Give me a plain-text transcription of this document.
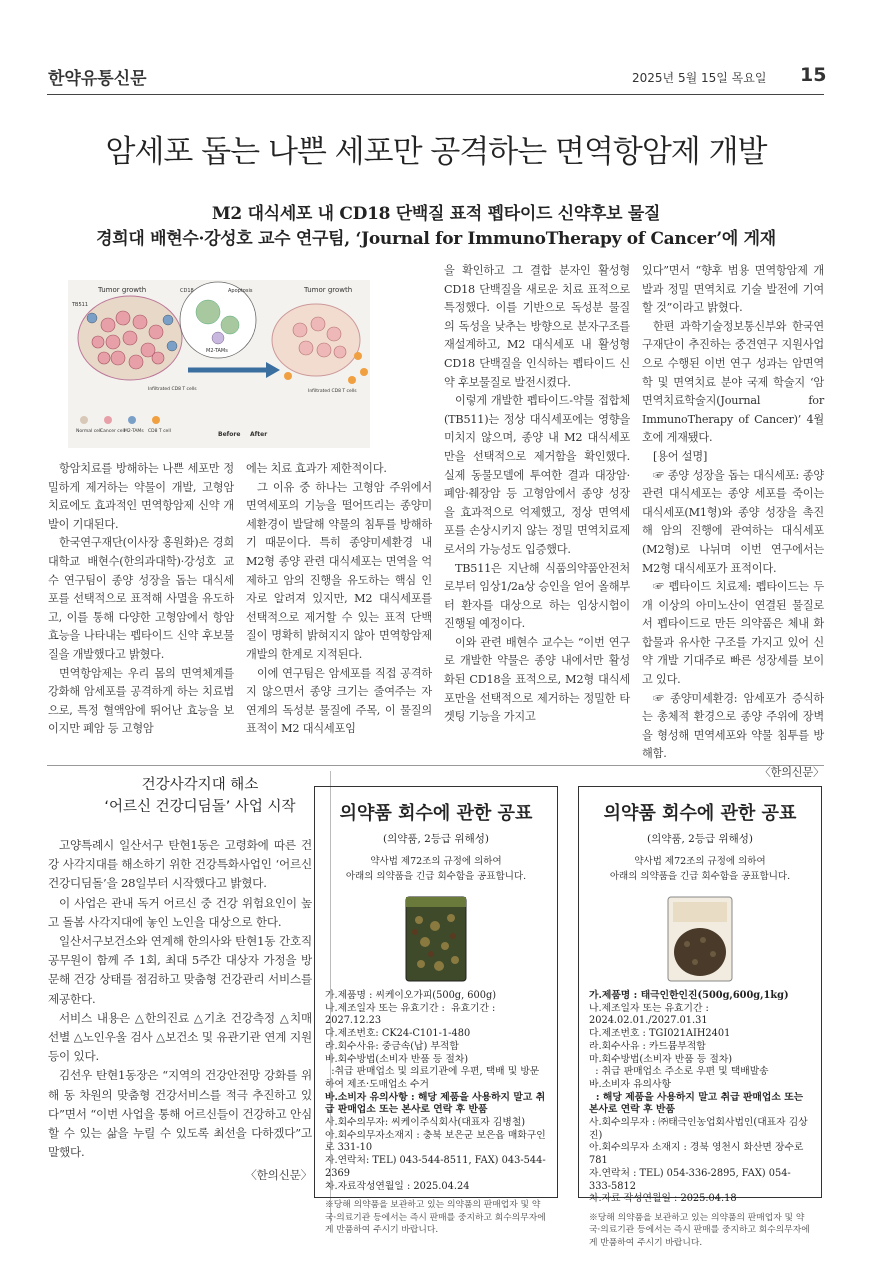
한약유통신문	2025년 5월 15일 목요일 15
암세포 돕는 나쁜 세포만 공격하는 면역항암제 개발
M2 대식세포 내 CD18 단백질 표적 펩타이드 신약후보 물질
경희대 배현수·강성호 교수 연구팀, ‘Journal for ImmunoTherapy of Cancer’에 게재
Tumor growth
TB511
CD18	Apoptosis
M2-TAMs
Tumor growth
Infiltrated CD8 T cells	Infiltrated CD8 T cells
Normal cell
Cancer cell
M2-TAMs CD8 T cell	Before After

항암치료를 방해하는 나쁜 세포만 정밀하게 제거하는 약물이 개발, 고형암 치료에도 효과적인 면역항암제 신약 개발이 기대된다.

한국연구재단(이사장 홍원화)은 경희대학교 배현수(한의과대학)·강성호 교수 연구팀이 종양 성장을 돕는 대식세포를 선택적으로 표적해 사멸을 유도하고, 이를 통해 다양한 고형암에서 항암 효능을 나타내는 펩타이드 신약 후보물질을 개발했다고 밝혔다.

면역항암제는 우리 몸의 면역체계를 강화해 암세포를 공격하게 하는 치료법으로, 특정 혈액암에 뛰어난 효능을 보이지만 폐암 등 고형암

에는 치료 효과가 제한적이다.

그 이유 중 하나는 고형암 주위에서 면역세포의 기능을 떨어뜨리는 종양미세환경이 발달해 약물의 침투를 방해하기 때문이다. 특히 종양미세환경 내 M2형 종양 관련 대식세포는 면역을 억제하고 암의 진행을 유도하는 핵심 인자로 알려져 있지만, M2 대식세포를 선택적으로 제거할 수 있는 표적 단백질이 명확히 밝혀지지 않아 면역항암제 개발의 한계로 지적된다.

이에 연구팀은 암세포를 직접 공격하지 않으면서 종양 크기는 줄여주는 자연계의 독성분 물질에 주목, 이 물질의 표적이 M2 대식세포임

을 확인하고 그 결합 분자인 활성형 CD18 단백질을 새로운 치료 표적으로 특정했다. 이를 기반으로 독성분 물질의 독성을 낮추는 방향으로 분자구조를 재설계하고, M2 대식세포 내 활성형 CD18 단백질을 인식하는 펩타이드 신약 후보물질로 발전시켰다.

이렇게 개발한 펩타이드-약물 접합체(TB511)는 정상 대식세포에는 영향을 미치지 않으며, 종양 내 M2 대식세포만을 선택적으로 제거함을 확인했다. 실제 동물모델에 투여한 결과 대장암·폐암·췌장암 등 고형암에서 종양 성장을 효과적으로 억제했고, 정상 면역세포를 손상시키지 않는 정밀 면역치료제로서의 가능성도 입증했다.

TB511은 지난해 식품의약품안전처로부터 임상1/2a상 승인을 얻어 올해부터 환자를 대상으로 하는 임상시험이 진행될 예정이다.

이와 관련 배현수 교수는 “이번 연구로 개발한 약물은 종양 내에서만 활성화된 CD18을 표적으로, M2형 대식세포만을 선택적으로 제거하는 정밀한 타겟팅 기능을 가지고

있다”면서 “향후 범용 면역항암제 개발과 정밀 면역치료 기술 발전에 기여할 것”이라고 밝혔다.

한편 과학기술정보통신부와 한국연구재단이 추진하는 중견연구 지원사업으로 수행된 이번 연구 성과는 암면역학 및 면역치료 분야 국제 학술지 ‘암면역치료학술지(Journal for ImmunoTherapy of Cancer)’ 4월호에 게재됐다.

[용어 설명]

☞ 종양 성장을 돕는 대식세포: 종양 관련 대식세포는 종양 세포를 죽이는 대식세포(M1형)와 종양 성장을 촉진해 암의 진행에 관여하는 대식세포(M2형)로 나뉘며 이번 연구에서는 M2형 대식세포가 표적이다.

☞ 펩타이드 치료제: 펩타이드는 두 개 이상의 아미노산이 연결된 물질로서 펩타이드로 만든 의약품은 체내 화합물과 유사한 구조를 가지고 있어 신약 개발 기대주로 빠른 성장세를 보이고 있다.

☞ 종양미세환경: 암세포가 증식하는 총체적 환경으로 종양 주위에 장벽을 형성해 면역세포와 약물 침투를 방해함.

〈한의신문〉
건강사각지대 해소
‘어르신 건강디딤돌’ 사업 시작

고양특례시 일산서구 탄현1동은 고령화에 따른 건강 사각지대를 해소하기 위한 건강특화사업인 ‘어르신 건강디딤돌’을 28일부터 시작했다고 밝혔다.

이 사업은 관내 독거 어르신 중 건강 위험요인이 높고 돌봄 사각지대에 놓인 노인을 대상으로 한다.

일산서구보건소와 연계해 한의사와 탄현1동 간호직 공무원이 함께 주 1회, 최대 5주간 대상자 가정을 방문해 건강 상태를 점검하고 맞춤형 건강관리 서비스를 제공한다.

서비스 내용은 △한의진료 △기초 건강측정 △치매 선별 △노인우울 검사 △보건소 및 유관기관 연계 지원 등이 있다.

김선우 탄현1동장은 “지역의 건강안전망 강화를 위해 동 차원의 맞춤형 건강서비스를 적극 추진하고 있다”면서 “이번 사업을 통해 어르신들이 건강하고 안심할 수 있는 삶을 누릴 수 있도록 최선을 다하겠다”고 말했다.

〈한의신문〉
의약품 회수에 관한 공표
(의약품, 2등급 위해성)
약사법 제72조의 규정에 의하여
아래의 의약품을 긴급 회수함을 공표합니다.
가.제품명 : 씨케이오가피(500g, 600g)
나.제조일자 또는 유효기간 :  유효기간 : 2027.12.23
다.제조번호: CK24-C101-1-480
라.회수사유: 중금속(납) 부적합
바.회수방법(소비자 반품 등 절차)
:취급 판매업소 및 의료기관에 우편, 택배 및 방문하여 제조·도매업소 수거
바.소비자 유의사항 : 해당 제품을 사용하지 말고 취급 판매업소 또는 본사로 연락 후 반품
사.회수의무자: 씨케이주식회사(대표자 김병철)
아.회수의무자소재지 : 충북 보은군 보은읍 매화구인로 331-10
자.연락처: TEL) 043-544-8511, FAX) 043-544-2369
차.자료작성연월일 : 2025.04.24
※당해 의약품을 보관하고 있는 의약품의 판매업자 및 약국·의료기관 등에서는 즉시 판매를 중지하고 회수의무자에게 반품하여 주시기 바랍니다.
의약품 회수에 관한 공표
(의약품, 2등급 위해성)
약사법 제72조의 규정에 의하여
아래의 의약품을 긴급 회수함을 공표합니다.
가.제품명 : 태극인한인진(500g,600g,1kg)
나.제조일자 또는 유효기간 : 2024.02.01./2027.01.31
다.제조번호 : TGI021AIH2401
라.회수사유 : 카드뮴부적합
마.회수방법(소비자 반품 등 절차)
: 취급 판매업소 주소로 우편 및 택배발송
바.소비자 유의사항
: 해당 제품을 사용하지 말고 취급 판매업소 또는 본사로 연락 후 반품
사.회수의무자 : ㈜태극인농업회사법인(대표자 김상진)
아.회수의무자 소재지 : 경북 영천시 화산면 장수로 781
자.연락처 : TEL) 054-336-2895, FAX) 054-333-5812
차.자료 작성연월일 : 2025.04.18
※당해 의약품을 보관하고 있는 의약품의 판매업자 및 약국·의료기관 등에서는 즉시 판매를 중지하고 회수의무자에게 반품하여 주시기 바랍니다.
